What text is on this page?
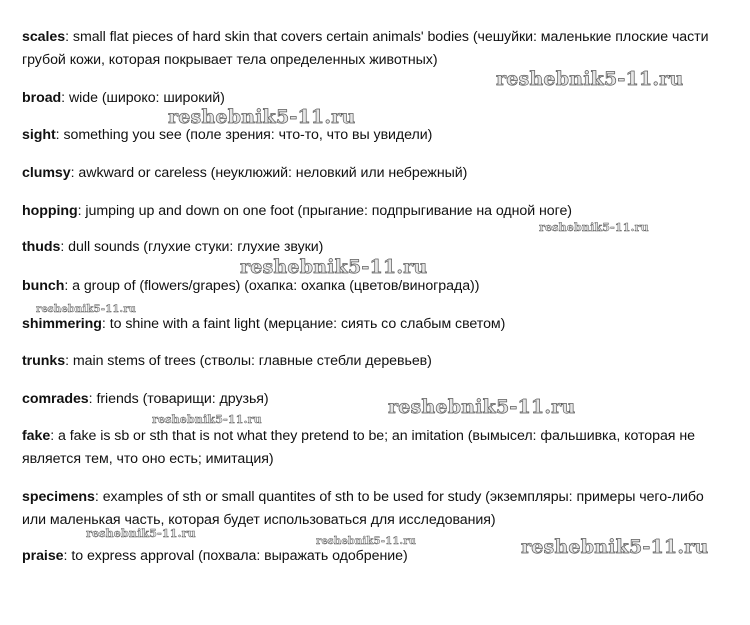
scales: small flat pieces of hard skin that covers certain animals' bodies (чешуйки: маленькие плоские части грубой кожи, которая покрывает тела определенных животных)
broad: wide (широко: широкий)
sight: something you see (поле зрения: что-то, что вы увидели)
clumsy: awkward or careless (неуклюжий: неловкий или небрежный)
hopping: jumping up and down on one foot (прыгание: подпрыгивание на одной ноге)
thuds: dull sounds (глухие стуки: глухие звуки)
bunch: a group of (flowers/grapes) (охапка: охапка (цветов/винограда))
shimmering: to shine with a faint light (мерцание: сиять со слабым светом)
trunks: main stems of trees (стволы: главные стебли деревьев)
comrades: friends (товарищи: друзья)
fake: a fake is sb or sth that is not what they pretend to be; an imitation (вымысел: фальшивка, которая не является тем, что оно есть; имитация)
specimens: examples of sth or small quantites of sth to be used for study (экземпляры: примеры чего-либо или маленькая часть, которая будет использоваться для исследования)
praise: to express approval (похвала: выражать одобрение)
reshebnik5-11.ru
reshebnik5-11.ru
reshebnik5-11.ru
reshebnik5-11.ru
reshebnik5-11.ru
reshebnik5-11.ru
reshebnik5-11.ru
reshebnik5-11.ru
reshebnik5-11.ru	reshebnik5-11.ru
